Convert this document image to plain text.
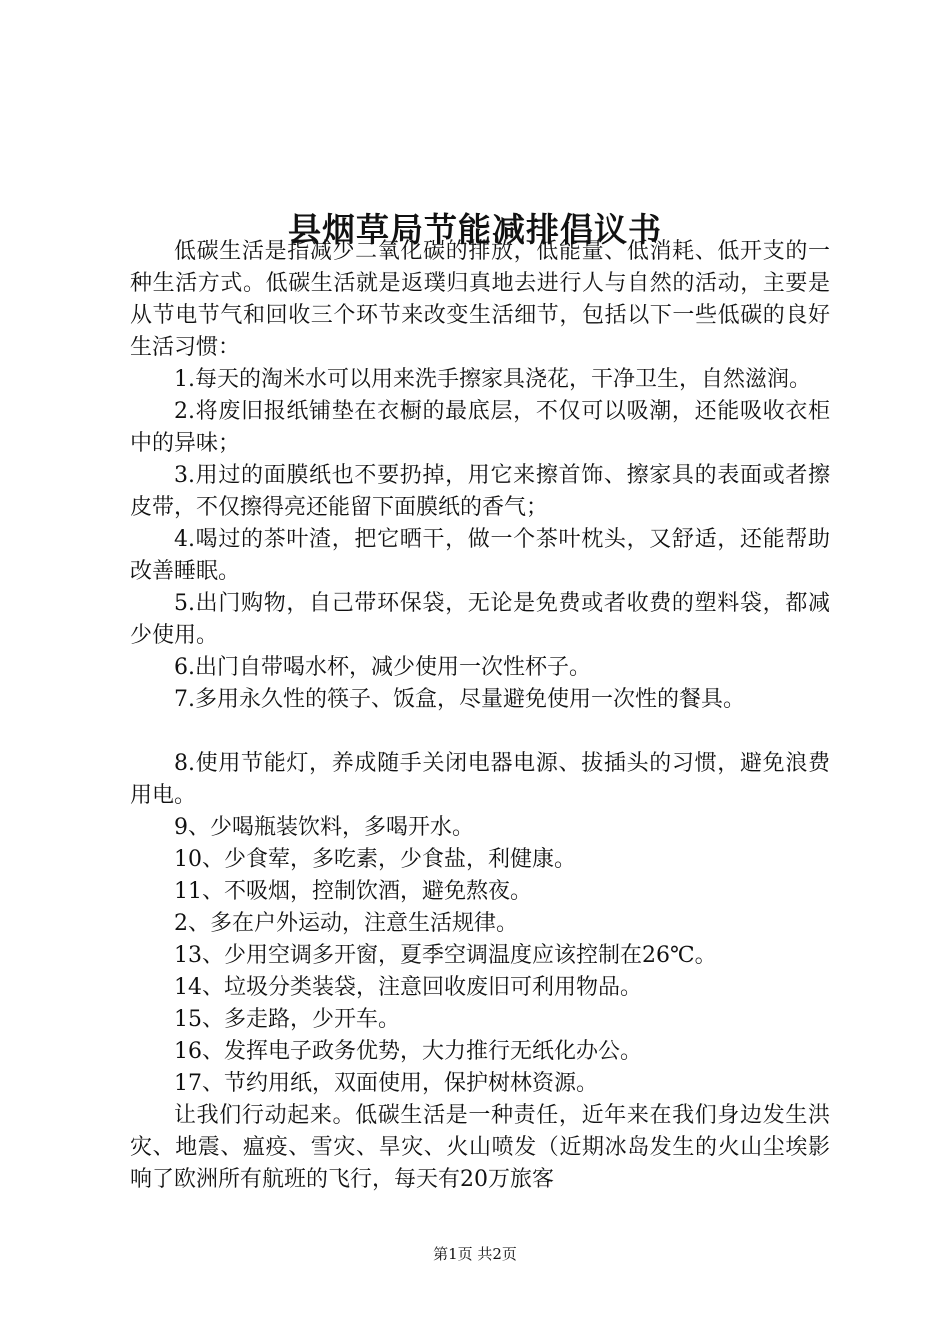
县烟草局节能减排倡议书

低碳生活是指减少二氧化碳的排放，低能量、低消耗、低开支的一种生活方式。低碳生活就是返璞归真地去进行人与自然的活动，主要是从节电节气和回收三个环节来改变生活细节，包括以下一些低碳的良好生活习惯：

1.每天的淘米水可以用来洗手擦家具浇花，干净卫生，自然滋润。

2.将废旧报纸铺垫在衣橱的最底层，不仅可以吸潮，还能吸收衣柜中的异味；

3.用过的面膜纸也不要扔掉，用它来擦首饰、擦家具的表面或者擦皮带，不仅擦得亮还能留下面膜纸的香气；

4.喝过的茶叶渣，把它晒干，做一个茶叶枕头，又舒适，还能帮助改善睡眠。

5.出门购物，自己带环保袋，无论是免费或者收费的塑料袋，都减少使用。

6.出门自带喝水杯，减少使用一次性杯子。

7.多用永久性的筷子、饭盒，尽量避免使用一次性的餐具。

8.使用节能灯，养成随手关闭电器电源、拔插头的习惯，避免浪费用电。

9、少喝瓶装饮料，多喝开水。

10、少食荤，多吃素，少食盐，利健康。

11、不吸烟，控制饮酒，避免熬夜。

2、多在户外运动，注意生活规律。

13、少用空调多开窗，夏季空调温度应该控制在26℃。

14、垃圾分类装袋，注意回收废旧可利用物品。

15、多走路，少开车。

16、发挥电子政务优势，大力推行无纸化办公。

17、节约用纸，双面使用，保护树林资源。

让我们行动起来。低碳生活是一种责任，近年来在我们身边发生洪灾、地震、瘟疫、雪灾、旱灾、火山喷发（近期冰岛发生的火山尘埃影响了欧洲所有航班的飞行，每天有20万旅客

第1页 共2页
